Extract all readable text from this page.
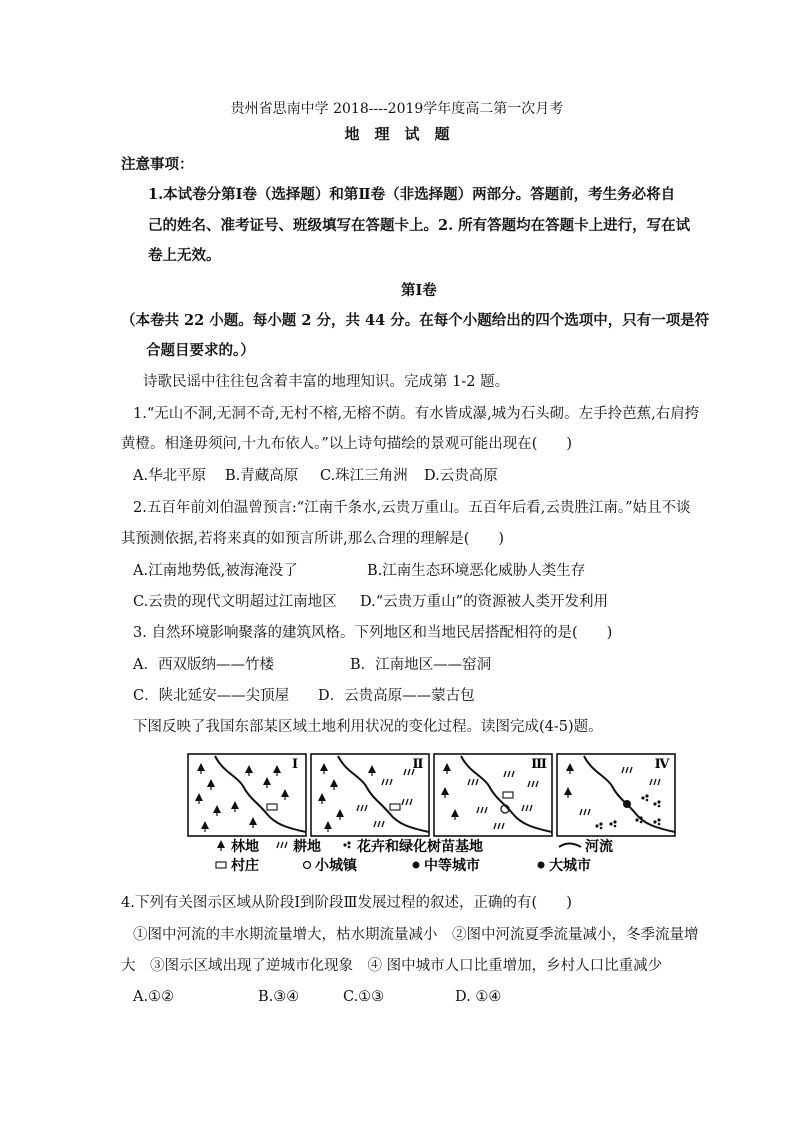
贵州省思南中学 2018----2019学年度高二第一次月考
地　理　试　题
注意事项：
1.本试卷分第Ⅰ卷（选择题）和第Ⅱ卷（非选择题）两部分。答题前，考生务必将自
己的姓名、准考证号、班级填写在答题卡上。2. 所有答题均在答题卡上进行，写在试
卷上无效。
第Ⅰ卷
（本卷共 22 小题。每小题 2 分，共 44 分。在每个小题给出的四个选项中，只有一项是符
合题目要求的。）
诗歌民谣中往往包含着丰富的地理知识。完成第 1-2 题。
1.“无山不洞,无洞不奇,无村不榕,无榕不荫。有水皆成瀑,城为石头砌。左手拎芭蕉,右肩挎
黄橙。相逢毋须问,十九布依人。”以上诗句描绘的景观可能出现在(　　)
A.华北平原 B.青藏高原 C.珠江三角洲 D.云贵高原
2.五百年前刘伯温曾预言:“江南千条水,云贵万重山。五百年后看,云贵胜江南。”姑且不谈
其预测依据,若将来真的如预言所讲,那么合理的理解是(　　)
A.江南地势低,被海淹没了	B.江南生态环境恶化威胁人类生存
C.云贵的现代文明超过江南地区 D.“云贵万重山”的资源被人类开发利用
3. 自然环境影响聚落的建筑风格。下列地区和当地民居搭配相符的是(　　)
A．西双版纳——竹楼	B．江南地区——窑洞
C．陕北延安——尖顶屋 D．云贵高原——蒙古包
下图反映了我国东部某区域土地利用状况的变化过程。读图完成(4-5)题。
Ⅰ	Ⅱ	Ⅲ	Ⅳ
林地 耕地	花卉和绿化树苗基地	河流
村庄	小城镇	中等城市	大城市
4.下列有关图示区域从阶段Ⅰ到阶段Ⅲ发展过程的叙述，正确的有(　　)
①图中河流的丰水期流量增大，枯水期流量减小　②图中河流夏季流量减小，冬季流量增
大　③图示区域出现了逆城市化现象　④ 图中城市人口比重增加，乡村人口比重减少
A.①②	B.③④	C.①③	D. ①④
